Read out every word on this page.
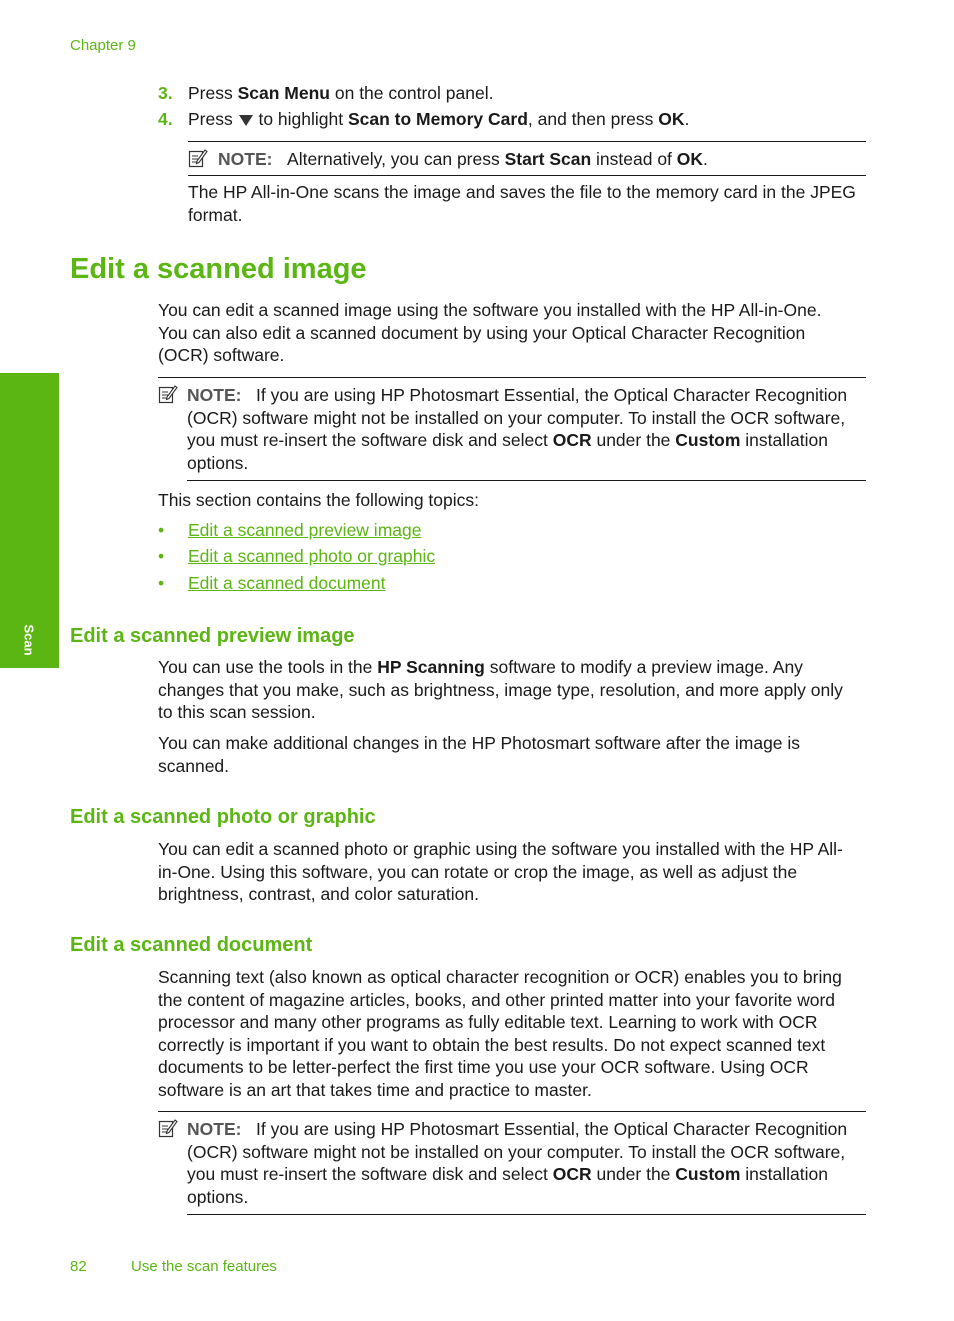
Chapter 9
3. Press Scan Menu on the control panel.
4. Press  to highlight Scan to Memory Card, and then press OK.
NOTE: Alternatively, you can press Start Scan instead of OK.
The HP All-in-One scans the image and saves the file to the memory card in the JPEG
format.
Edit a scanned image
You can edit a scanned image using the software you installed with the HP All-in-One.
You can also edit a scanned document by using your Optical Character Recognition
(OCR) software.
NOTE: If you are using HP Photosmart Essential, the Optical Character Recognition
(OCR) software might not be installed on your computer. To install the OCR software,
you must re-insert the software disk and select OCR under the Custom installation
options.
This section contains the following topics:
• Edit a scanned preview image
• Edit a scanned photo or graphic
• Edit a scanned document
Edit a scanned preview image
You can use the tools in the HP Scanning software to modify a preview image. Any
changes that you make, such as brightness, image type, resolution, and more apply only
to this scan session.
You can make additional changes in the HP Photosmart software after the image is
scanned.
Edit a scanned photo or graphic
You can edit a scanned photo or graphic using the software you installed with the HP All-
in-One. Using this software, you can rotate or crop the image, as well as adjust the
brightness, contrast, and color saturation.
Edit a scanned document
Scanning text (also known as optical character recognition or OCR) enables you to bring
the content of magazine articles, books, and other printed matter into your favorite word
processor and many other programs as fully editable text. Learning to work with OCR
correctly is important if you want to obtain the best results. Do not expect scanned text
documents to be letter-perfect the first time you use your OCR software. Using OCR
software is an art that takes time and practice to master.
NOTE: If you are using HP Photosmart Essential, the Optical Character Recognition
(OCR) software might not be installed on your computer. To install the OCR software,
you must re-insert the software disk and select OCR under the Custom installation
options.
Scan
82	Use the scan features
